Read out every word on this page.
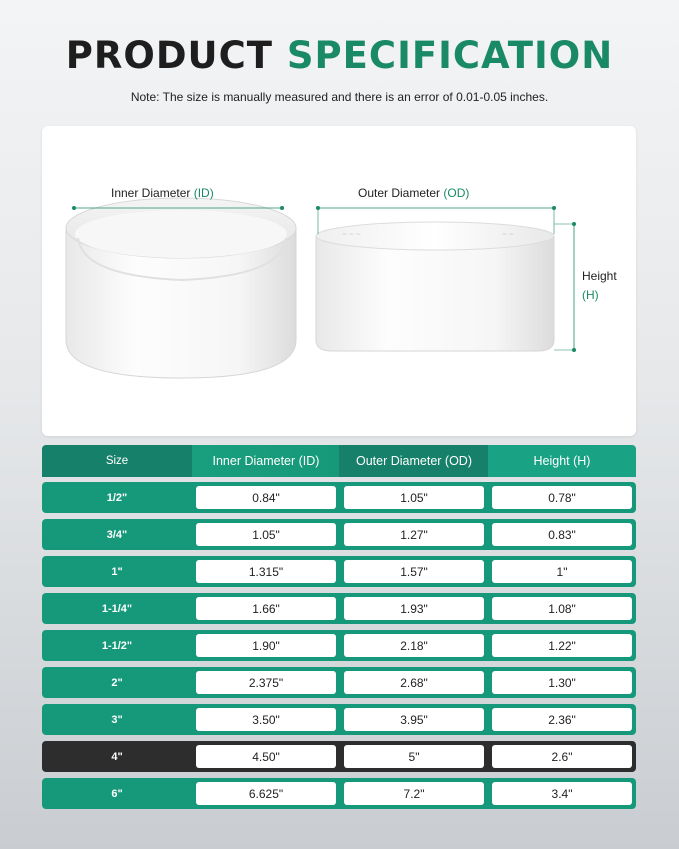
PRODUCT SPECIFICATION
Note: The size is manually measured and there is an error of 0.01-0.05 inches.
~ ~ ~	~ ~
Inner Diameter (ID)	Outer Diameter (OD)
Height
(H)
Size	Inner Diameter (ID)	Outer Diameter (OD)	Height (H)
1/2"	0.84"	1.05"	0.78"
3/4"	1.05"	1.27"	0.83"
1"	1.315"	1.57"	1"
1-1/4"	1.66"	1.93"	1.08"
1-1/2"	1.90"	2.18"	1.22"
2"	2.375"	2.68"	1.30"
3"	3.50"	3.95"	2.36"
4"	4.50"	5"	2.6"
6"	6.625"	7.2"	3.4"
